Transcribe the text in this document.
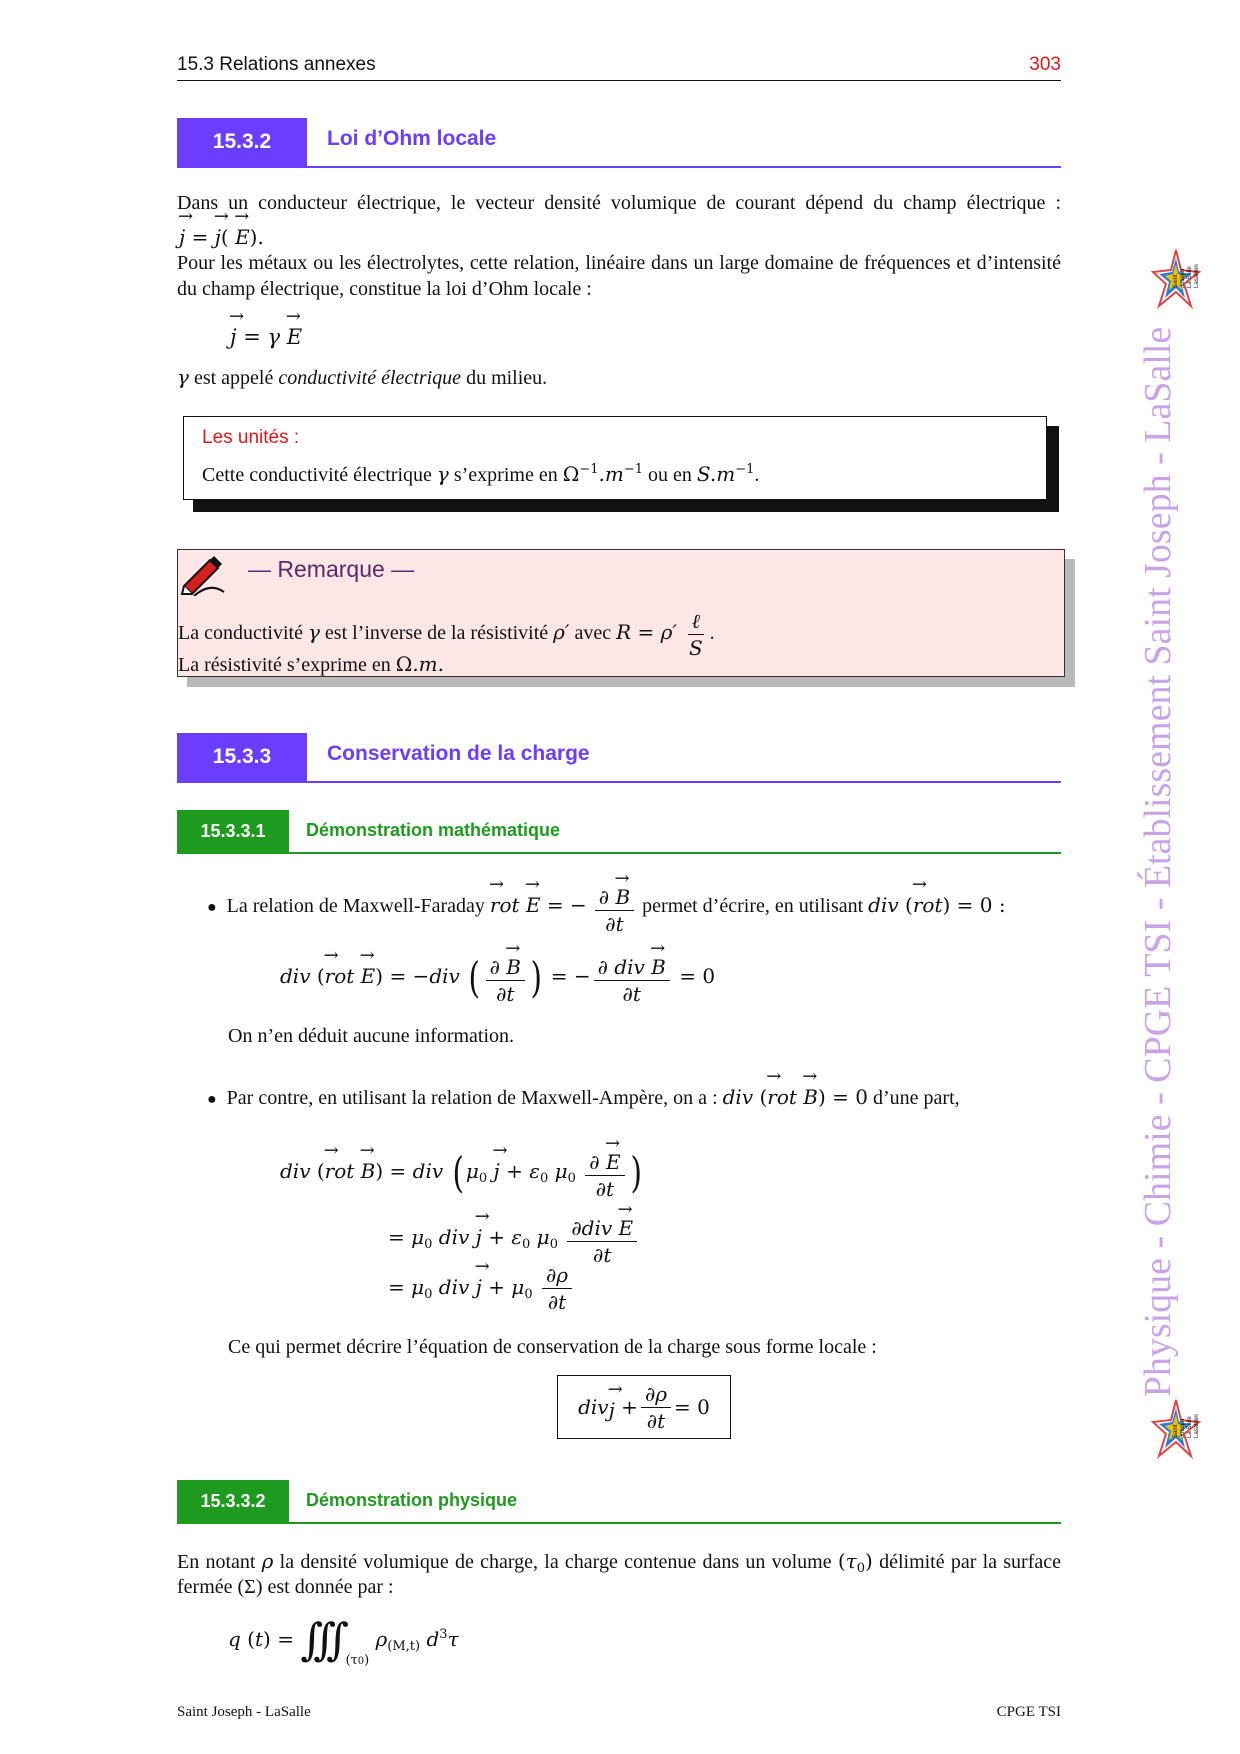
15.3 Relations annexes	303
15.3.2	Loi d’Ohm locale
Dans un conducteur électrique, le vecteur densité volumique de courant dépend du champ électrique :
→ j = → j( → E).
Pour les métaux ou les électrolytes, cette relation, linéaire dans un large domaine de fréquences et d’intensité
du champ électrique, constitue la loi d’Ohm locale :
→ j = γ → E
γ est appelé conductivité électrique du milieu.
Les unités :
Cette conductivité électrique γ s’exprime en $\Omega^{-1}.m^{-1}$ ou en $S.m^{-1}$.
— Remarque —
La conductivité γ est l’inverse de la résistivité ρ′ avec $R = \rho' \frac{\text{ℓ}}{S}$ .
La résistivité s’exprime en Ω.m.
15.3.3	Conservation de la charge
15.3.3.1	Démonstration mathématique
● La relation de Maxwell-Faraday → rot → E = − $\frac{\partial \to B}{\partial t}$ permet d’écrire, en utilisant div (→ rot) = 0 :
div (→ rot → E) = −div ( $\frac{\partial \to B}{\partial t}$ ) = − $\frac{\text{∂ div → B}}{\partial t} = 0$
On n’en déduit aucune information.
● Par contre, en utilisant la relation de Maxwell-Ampère, on a : div (→ rot → B) = 0 d’une part,
div (→ rot → B) = div ( $\mu_0 \to j + \varepsilon_0$ $\mu_0 \frac{\partial \to E}{\partial t}$ )
= $\mu_0$ div → $j + \varepsilon_0$ $\mu_0 \frac{\text{∂div → E}}{\partial t}$
= $\mu_0$ div → $j + \mu_0 \frac{\partial\rho}{\partial t}$
Ce qui permet décrire l’équation de conservation de la charge sous forme locale :
div → j
+ $\frac{\partial\rho}{\partial t} = 0$
15.3.3.2	Démonstration physique
En notant ρ la densité volumique de charge, la charge contenue dans un volume $(\tau_0)$ délimité par la surface
fermée (Σ) est donnée par :
q (t) = ∫∫∫ $_{(\tau 0)}$ $\rho_{(M,t)}$ $d^3\tau$
Physique - Chimie - CPGE TSI - Établissement Saint Joseph - LaSalle
Saint Joseph La Salle Lasallien
Saint Joseph La Salle Lasallien
Saint Joseph - LaSalle	CPGE TSI
